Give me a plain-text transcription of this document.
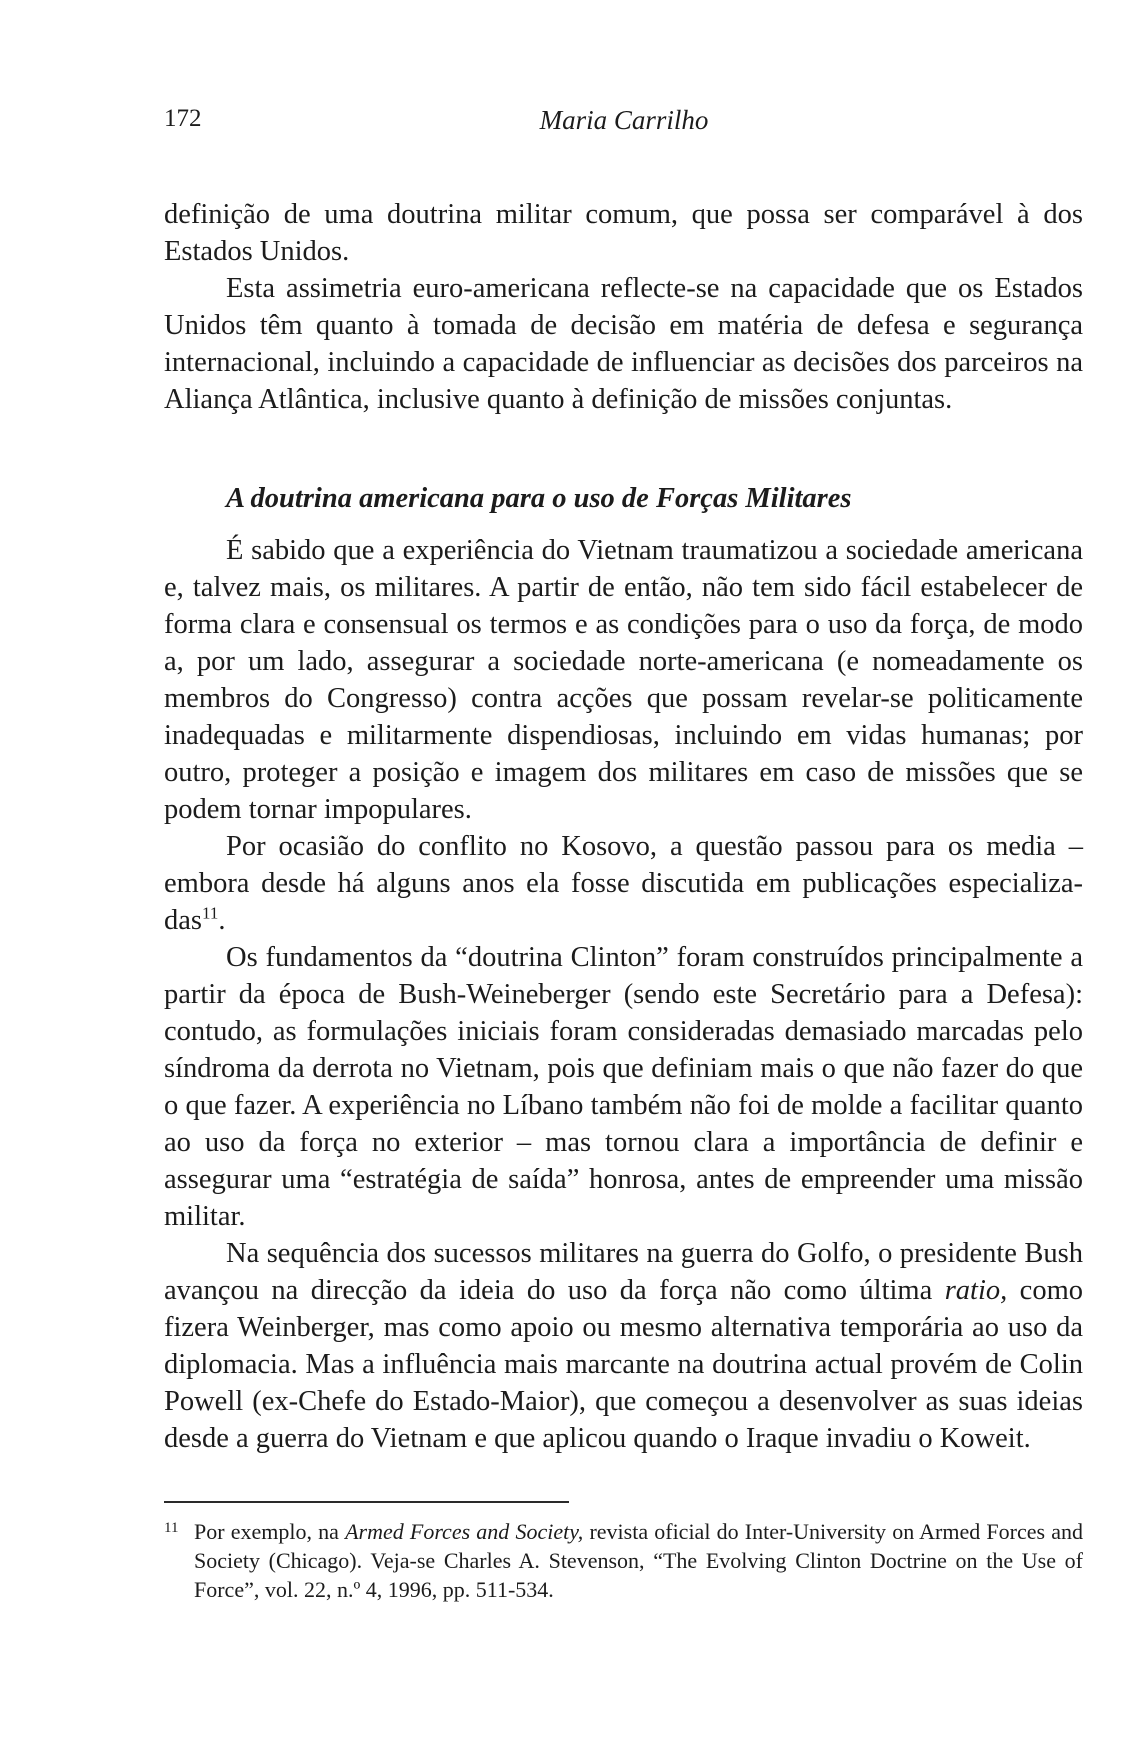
172	Maria Carrilho

definição de uma doutrina militar comum, que possa ser comparável à dos Estados Unidos.

Esta assimetria euro-americana reflecte-se na capacidade que os Estados Unidos têm quanto à tomada de decisão em matéria de defesa e segurança internacional, incluindo a capacidade de influenciar as decisões dos parceiros na Aliança Atlântica, inclusive quanto à definição de missões conjuntas.

A doutrina americana para o uso de Forças Militares

É sabido que a experiência do Vietnam traumatizou a sociedade americana e, talvez mais, os militares. A partir de então, não tem sido fácil estabelecer de forma clara e consensual os termos e as condições para o uso da força, de modo a, por um lado, assegurar a sociedade norte-americana (e nomeadamente os membros do Congresso) contra acções que possam revelar-se politicamente inadequadas e militarmente dispendiosas, incluindo em vidas humanas; por outro, proteger a posição e imagem dos militares em caso de missões que se podem tornar impopulares.

Por ocasião do conflito no Kosovo, a questão passou para os media – embora desde há alguns anos ela fosse discutida em publicações especializadas$^{11}$.

Os fundamentos da “doutrina Clinton” foram construídos principalmente a partir da época de Bush-Weineberger (sendo este Secretário para a Defesa): contudo, as formulações iniciais foram consideradas demasiado marcadas pelo síndroma da derrota no Vietnam, pois que definiam mais o que não fazer do que o que fazer. A experiência no Líbano também não foi de molde a facilitar quanto ao uso da força no exterior – mas tornou clara a importância de definir e assegurar uma “estratégia de saída” honrosa, antes de empreender uma missão militar.

Na sequência dos sucessos militares na guerra do Golfo, o presidente Bush avançou na direcção da ideia do uso da força não como última ratio, como fizera Weinberger, mas como apoio ou mesmo alternativa temporária ao uso da diplomacia. Mas a influência mais marcante na doutrina actual provém de Colin Powell (ex-Chefe do Estado-Maior), que começou a desenvolver as suas ideias desde a guerra do Vietnam e que aplicou quando o Iraque invadiu o Koweit.

11 Por exemplo, na Armed Forces and Society, revista oficial do Inter-University on Armed Forces and Society (Chicago). Veja-se Charles A. Stevenson, “The Evolving Clinton Doctrine on the Use of Force”, vol. 22, n.º 4, 1996, pp. 511-534.
